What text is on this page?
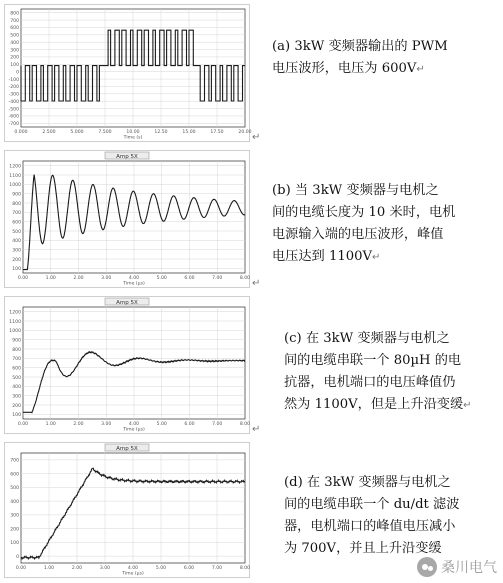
800
700
600
500
400
300
200
100
0
-100
-200
-300
-400
-500
-600
-700
0.000	2.500	5.000	7.500	10.00	12.50	15.00	17.50	20.00
Time (s)
(a) 3kW 变频器输出的 PWM
电压波形，电压为 600V↵
↵
Amp 5X
1200
1100
1000
900
800
700
600
500
400
300
200
100
0.00	1.00	2.00	3.00	4.00	5.00	6.00	7.00	8.00
Time (µs)
(b) 当 3kW 变频器与电机之
间的电缆长度为 10 米时，电机
电源输入端的电压波形，峰值
电压达到 1100V↵
↵
Amp 5X
1200
1100
1000
900
800
700
600
500
400
300
200
100
0.00	1.00	2.00	3.00	4.00	5.00	6.00	7.00	8.00
Time (µs)
(c) 在 3kW 变频器与电机之
间的电缆串联一个 80µH 的电
抗器，电机端口的电压峰值仍
然为 1100V，但是上升沿变缓↵
↵
Amp 5X
700
600
500
400
300
200
100
0
0.00	1.00	2.00	3.00	4.00	5.00	6.00	7.00	8.00
Time (µs)
(d) 在 3kW 变频器与电机之
间的电缆串联一个 du/dt 滤波
器，电机端口的峰值电压减小
为 700V，并且上升沿变缓
桑川电气
